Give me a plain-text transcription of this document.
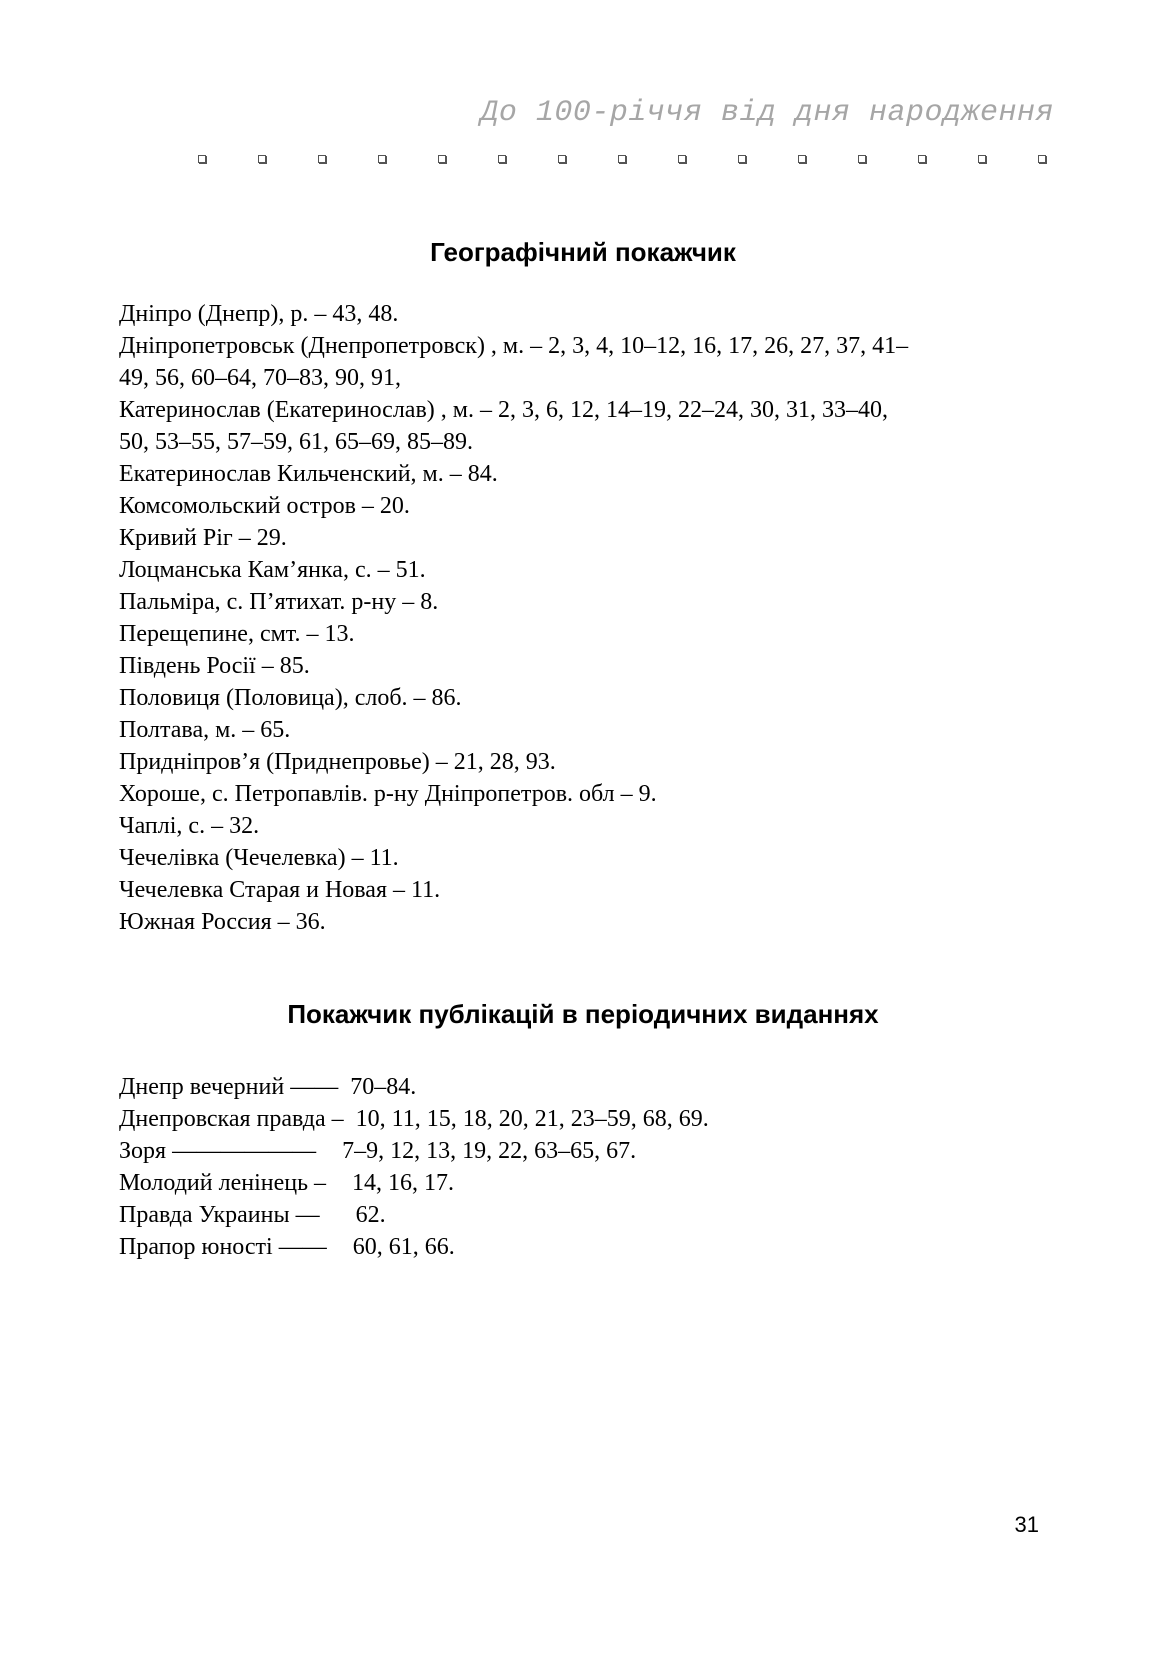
До 100-річчя від дня народження
Географічний покажчик
Дніпро (Днепр), р. – 43, 48.
Дніпропетровськ (Днепропетровск) , м. – 2, 3, 4, 10–12, 16, 17, 26, 27, 37, 41–
49, 56, 60–64, 70–83, 90, 91,
Катеринослав (Екатеринослав) , м. – 2, 3, 6, 12, 14–19, 22–24, 30, 31, 33–40,
50, 53–55, 57–59, 61, 65–69, 85–89.
Екатеринослав Кильченский, м. – 84.
Комсомольский остров – 20.
Кривий Ріг – 29.
Лоцманська Кам’янка, с. – 51.
Пальміра, с. П’ятихат. р-ну – 8.
Перещепине, смт. – 13.
Південь Росії – 85.
Половиця (Половица), слоб. – 86.
Полтава, м. – 65.
Придніпров’я (Приднепровье) – 21, 28, 93.
Хороше, с. Петропавлів. р-ну Дніпропетров. обл – 9.
Чаплі, с. – 32.
Чечелівка (Чечелевка) – 11.
Чечелевка Старая и Новая – 11.
Южная Россия – 36.
Покажчик публікацій в періодичних виданнях
Днепр вечерний —— 70–84.
Днепровская правда – 10, 11, 15, 18, 20, 21, 23–59, 68, 69.
Зоря —————— 7–9, 12, 13, 19, 22, 63–65, 67.
Молодий ленінець – 14, 16, 17.
Правда Украины — 62.
Прапор юності —— 60, 61, 66.
31
